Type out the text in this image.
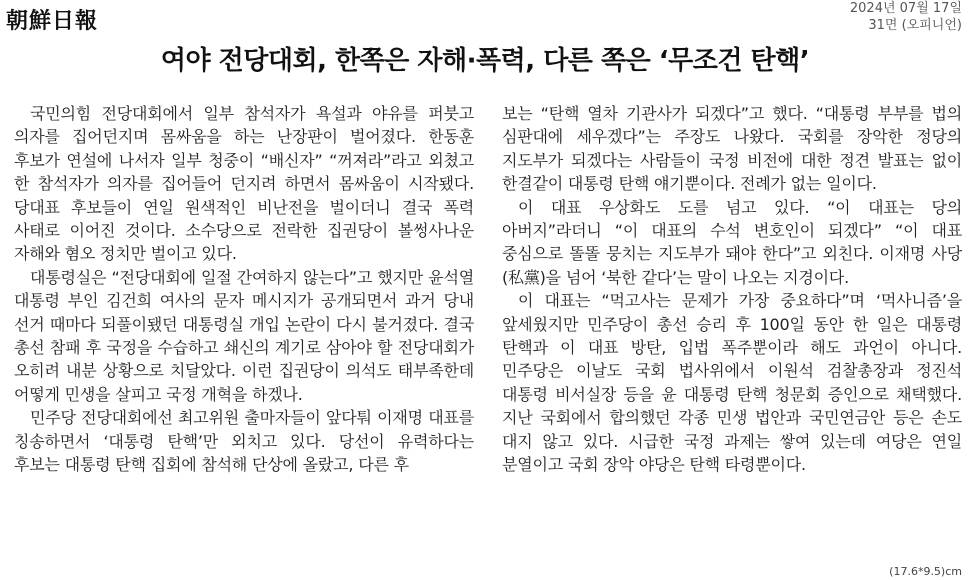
朝鮮日報	2024년 07월 17일
31면 (오피니언)
여야 전당대회, 한쪽은 자해·폭력, 다른 쪽은 ‘무조건 탄핵’

국민의힘 전당대회에서 일부 참석자가 욕설과 야유를 퍼붓고 의자를 집어던지며 몸싸움을 하는 난장판이 벌어졌다. 한동훈 후보가 연설에 나서자 일부 청중이 “배신자” “꺼져라”라고 외쳤고 한 참석자가 의자를 집어들어 던지려 하면서 몸싸움이 시작됐다. 당대표 후보들이 연일 원색적인 비난전을 벌이더니 결국 폭력 사태로 이어진 것이다. 소수당으로 전락한 집권당이 볼썽사나운 자해와 혐오 정치만 벌이고 있다.

대통령실은 “전당대회에 일절 간여하지 않는다”고 했지만 윤석열 대통령 부인 김건희 여사의 문자 메시지가 공개되면서 과거 당내 선거 때마다 되풀이됐던 대통령실 개입 논란이 다시 불거졌다. 결국 총선 참패 후 국정을 수습하고 쇄신의 계기로 삼아야 할 전당대회가 오히려 내분 상황으로 치달았다. 이런 집권당이 의석도 태부족한데 어떻게 민생을 살피고 국정 개혁을 하겠나.

민주당 전당대회에선 최고위원 출마자들이 앞다퉈 이재명 대표를 칭송하면서 ‘대통령 탄핵’만 외치고 있다. 당선이 유력하다는 후보는 대통령 탄핵 집회에 참석해 단상에 올랐고, 다른 후

보는 “탄핵 열차 기관사가 되겠다”고 했다. “대통령 부부를 법의 심판대에 세우겠다”는 주장도 나왔다. 국회를 장악한 정당의 지도부가 되겠다는 사람들이 국정 비전에 대한 정견 발표는 없이 한결같이 대통령 탄핵 얘기뿐이다. 전례가 없는 일이다.

이 대표 우상화도 도를 넘고 있다. “이 대표는 당의 아버지”라더니 “이 대표의 수석 변호인이 되겠다” “이 대표 중심으로 똘똘 뭉치는 지도부가 돼야 한다”고 외친다. 이재명 사당(私黨)을 넘어 ‘북한 같다’는 말이 나오는 지경이다.

이 대표는 “먹고사는 문제가 가장 중요하다”며 ‘먹사니즘’을 앞세웠지만 민주당이 총선 승리 후 100일 동안 한 일은 대통령 탄핵과 이 대표 방탄, 입법 폭주뿐이라 해도 과언이 아니다. 민주당은 이날도 국회 법사위에서 이원석 검찰총장과 정진석 대통령 비서실장 등을 윤 대통령 탄핵 청문회 증인으로 채택했다. 지난 국회에서 합의했던 각종 민생 법안과 국민연금안 등은 손도 대지 않고 있다. 시급한 국정 과제는 쌓여 있는데 여당은 연일 분열이고 국회 장악 야당은 탄핵 타령뿐이다.

(17.6*9.5)cm
